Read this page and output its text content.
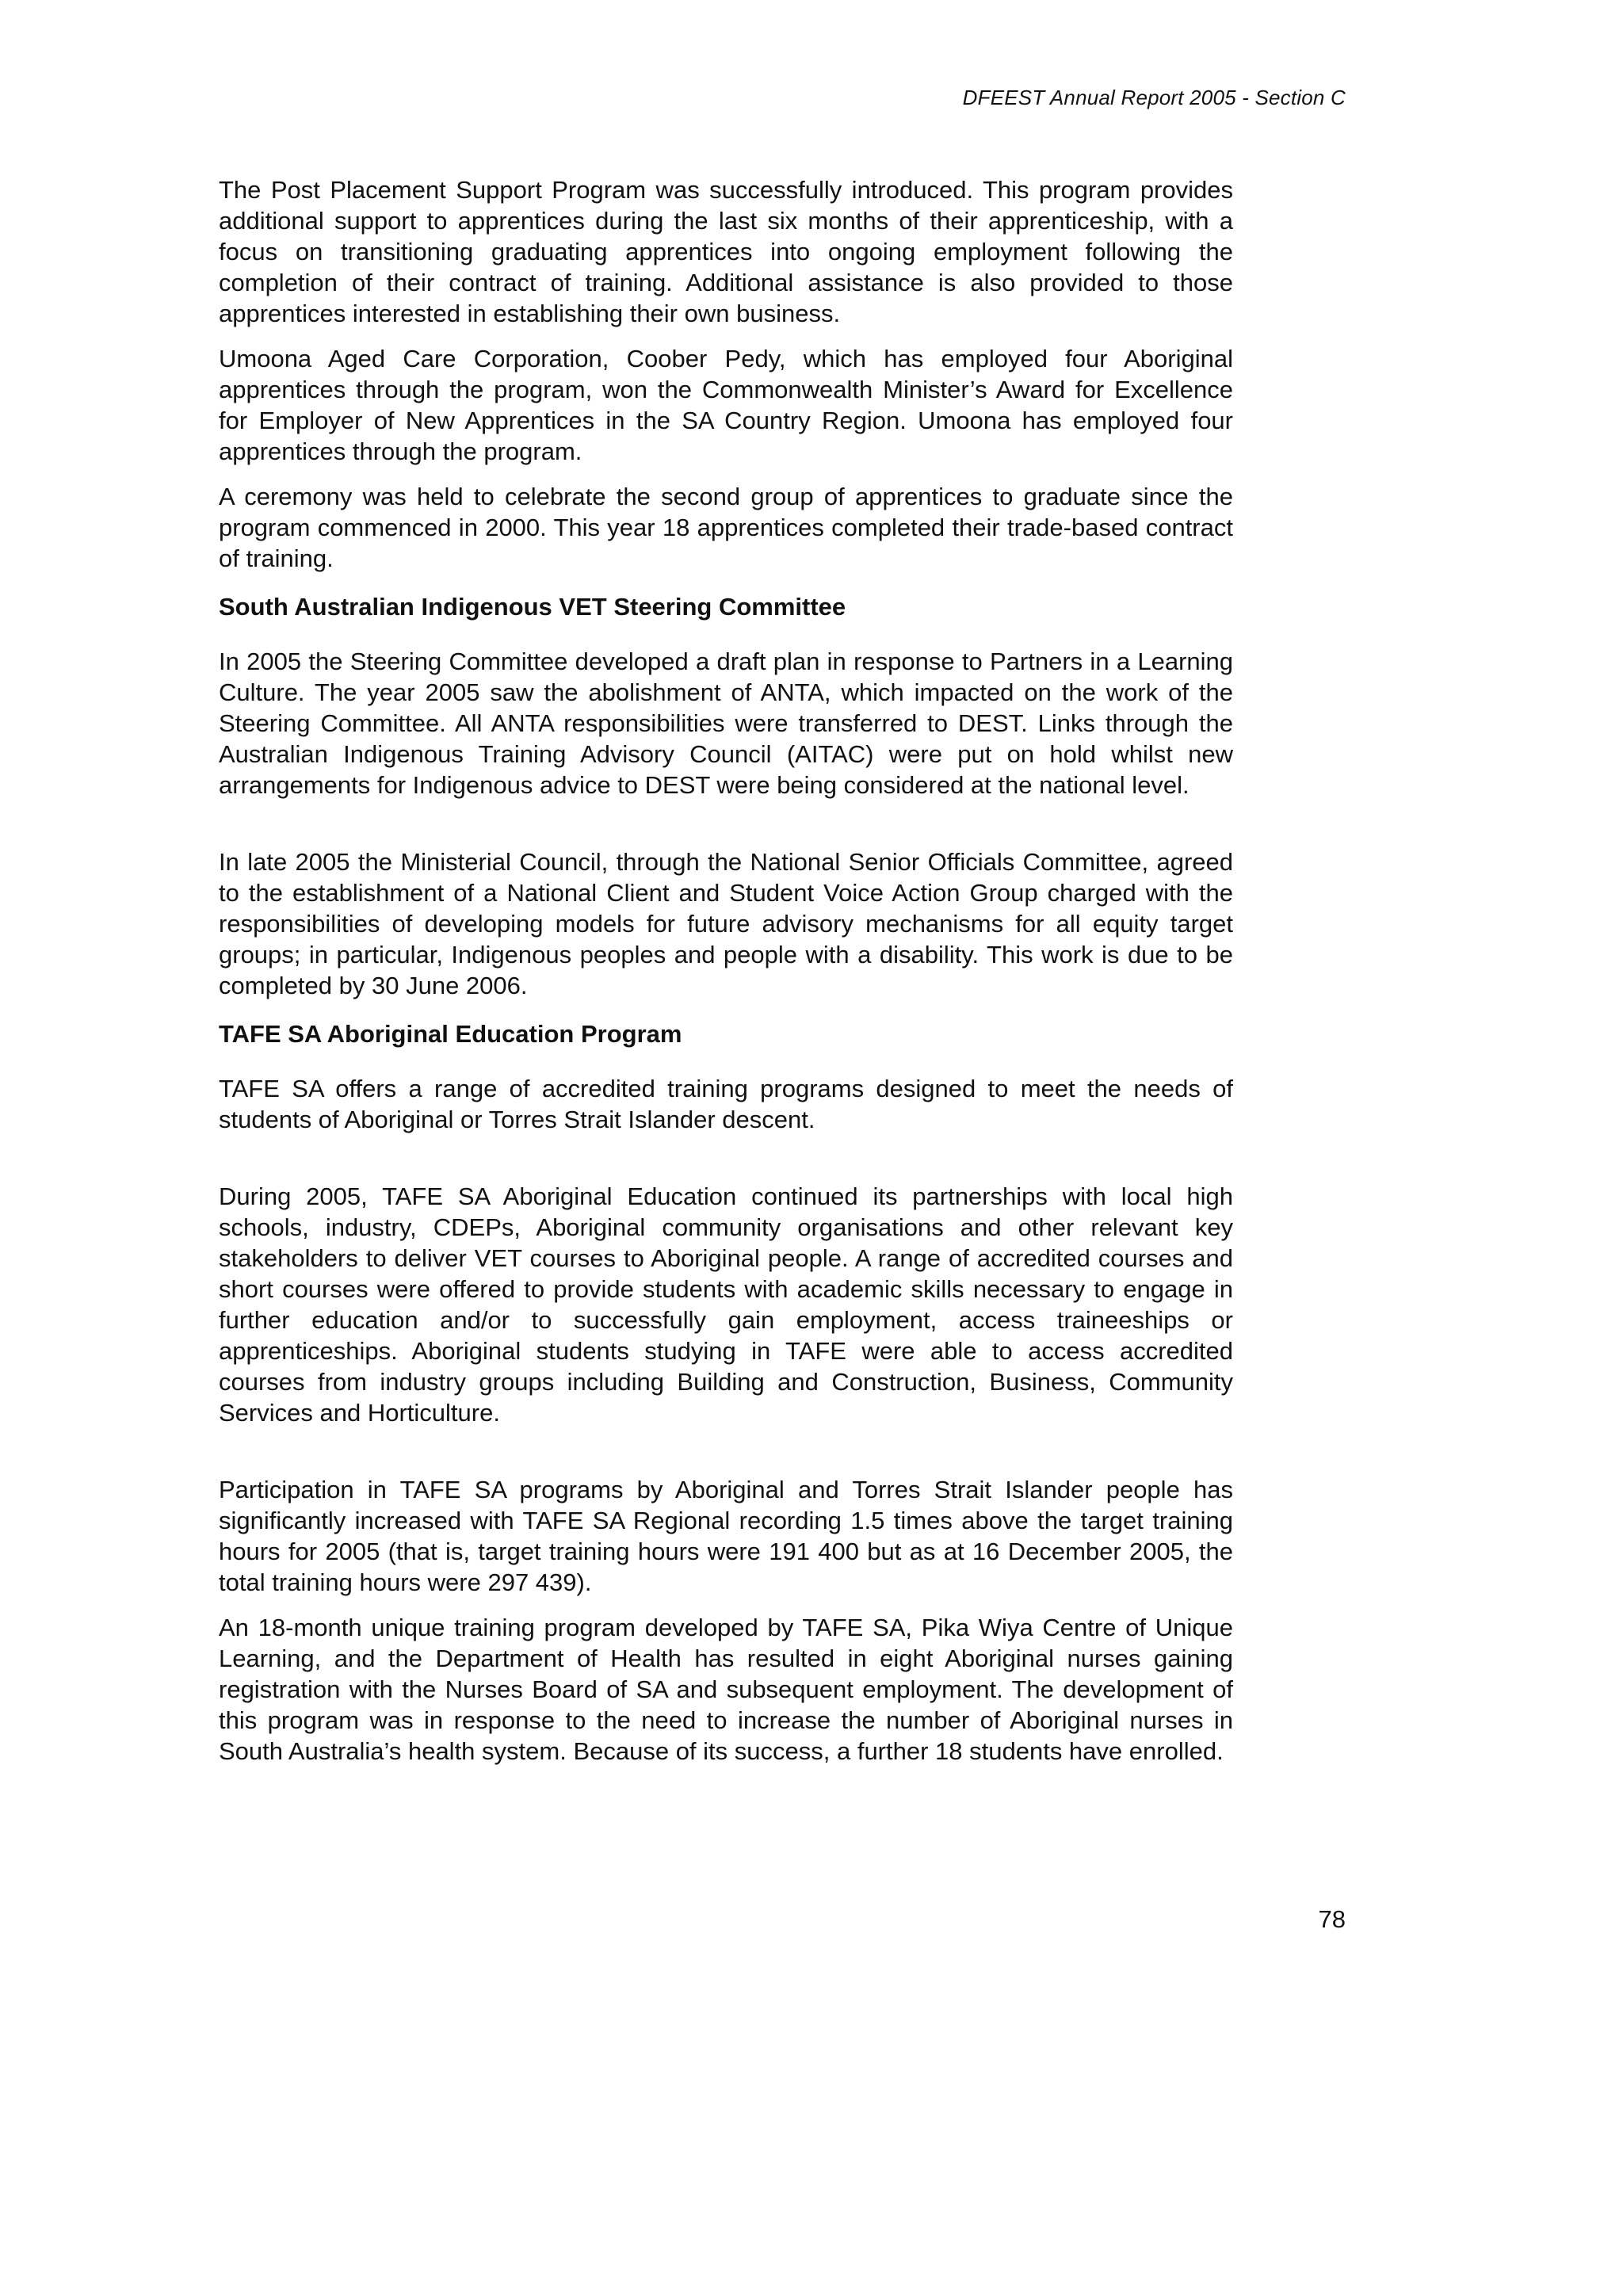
DFEEST Annual Report 2005 - Section C

The Post Placement Support Program was successfully introduced. This program provides additional support to apprentices during the last six months of their apprenticeship, with a focus on transitioning graduating apprentices into ongoing employment following the completion of their contract of training. Additional assistance is also provided to those apprentices interested in establishing their own business.

Umoona Aged Care Corporation, Coober Pedy, which has employed four Aboriginal apprentices through the program, won the Commonwealth Minister’s Award for Excellence for Employer of New Apprentices in the SA Country Region. Umoona has employed four apprentices through the program.

A ceremony was held to celebrate the second group of apprentices to graduate since the program commenced in 2000. This year 18 apprentices completed their trade-based contract of training.

South Australian Indigenous VET Steering Committee

In 2005 the Steering Committee developed a draft plan in response to Partners in a Learning Culture. The year 2005 saw the abolishment of ANTA, which impacted on the work of the Steering Committee. All ANTA responsibilities were transferred to DEST. Links through the Australian Indigenous Training Advisory Council (AITAC) were put on hold whilst new arrangements for Indigenous advice to DEST were being considered at the national level.

In late 2005 the Ministerial Council, through the National Senior Officials Committee, agreed to the establishment of a National Client and Student Voice Action Group charged with the responsibilities of developing models for future advisory mechanisms for all equity target groups; in particular, Indigenous peoples and people with a disability. This work is due to be completed by 30 June 2006.

TAFE SA Aboriginal Education Program

TAFE SA offers a range of accredited training programs designed to meet the needs of students of Aboriginal or Torres Strait Islander descent.

During 2005, TAFE SA Aboriginal Education continued its partnerships with local high schools, industry, CDEPs, Aboriginal community organisations and other relevant key stakeholders to deliver VET courses to Aboriginal people. A range of accredited courses and short courses were offered to provide students with academic skills necessary to engage in further education and/or to successfully gain employment, access traineeships or apprenticeships. Aboriginal students studying in TAFE were able to access accredited courses from industry groups including Building and Construction, Business, Community Services and Horticulture.

Participation in TAFE SA programs by Aboriginal and Torres Strait Islander people has significantly increased with TAFE SA Regional recording 1.5 times above the target training hours for 2005 (that is, target training hours were 191 400 but as at 16 December 2005, the total training hours were 297 439).

An 18-month unique training program developed by TAFE SA, Pika Wiya Centre of Unique Learning, and the Department of Health has resulted in eight Aboriginal nurses gaining registration with the Nurses Board of SA and subsequent employment. The development of this program was in response to the need to increase the number of Aboriginal nurses in South Australia’s health system. Because of its success, a further 18 students have enrolled.

78
